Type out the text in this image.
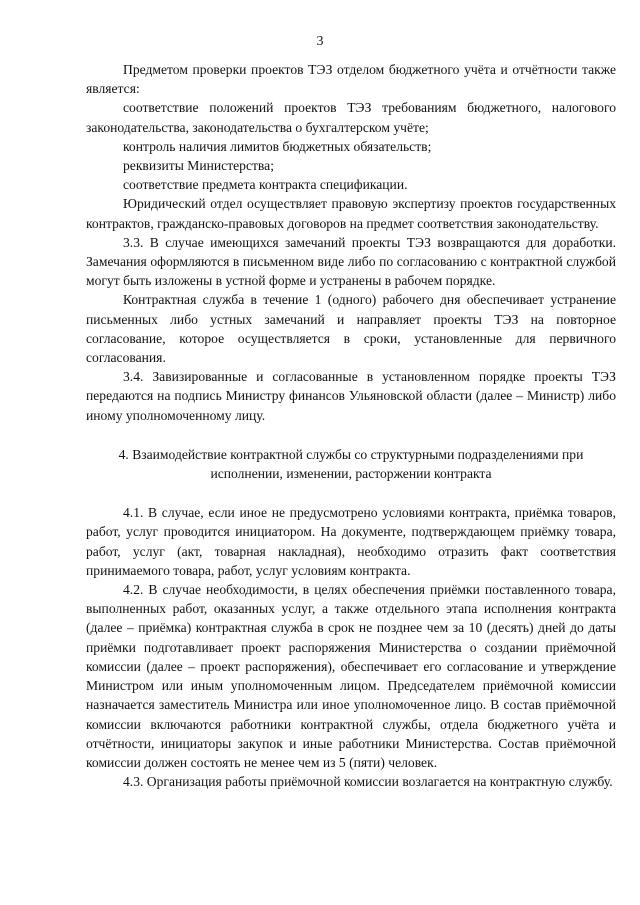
3

Предметом проверки проектов ТЭЗ отделом бюджетного учёта и отчётности также является:

соответствие положений проектов ТЭЗ требованиям бюджетного, налогового законодательства, законодательства о бухгалтерском учёте;

контроль наличия лимитов бюджетных обязательств;

реквизиты Министерства;

соответствие предмета контракта спецификации.

Юридический отдел осуществляет правовую экспертизу проектов государственных контрактов, гражданско-правовых договоров на предмет соответствия законодательству.

3.3. В случае имеющихся замечаний проекты ТЭЗ возвращаются для доработки. Замечания оформляются в письменном виде либо по согласованию с контрактной службой могут быть изложены в устной форме и устранены в рабочем порядке.

Контрактная служба в течение 1 (одного) рабочего дня обеспечивает устранение письменных либо устных замечаний и направляет проекты ТЭЗ на повторное согласование, которое осуществляется в сроки, установленные для первичного согласования.

3.4. Завизированные и согласованные в установленном порядке проекты ТЭЗ передаются на подпись Министру финансов Ульяновской области (далее – Министр) либо иному уполномоченному лицу.

4. Взаимодействие контрактной службы со структурными подразделениями при исполнении, изменении, расторжении контракта

4.1. В случае, если иное не предусмотрено условиями контракта, приёмка товаров, работ, услуг проводится инициатором. На документе, подтверждающем приёмку товара, работ, услуг (акт, товарная накладная), необходимо отразить факт соответствия принимаемого товара, работ, услуг условиям контракта.

4.2. В случае необходимости, в целях обеспечения приёмки поставленного товара, выполненных работ, оказанных услуг, а также отдельного этапа исполнения контракта (далее – приёмка) контрактная служба в срок не позднее чем за 10 (десять) дней до даты приёмки подготавливает проект распоряжения Министерства о создании приёмочной комиссии (далее – проект распоряжения), обеспечивает его согласование и утверждение Министром или иным уполномоченным лицом. Председателем приёмочной комиссии назначается заместитель Министра или иное уполномоченное лицо. В состав приёмочной комиссии включаются работники контрактной службы, отдела бюджетного учёта и отчётности, инициаторы закупок и иные работники Министерства. Состав приёмочной комиссии должен состоять не менее чем из 5 (пяти) человек.

4.3. Организация работы приёмочной комиссии возлагается на контрактную службу.
